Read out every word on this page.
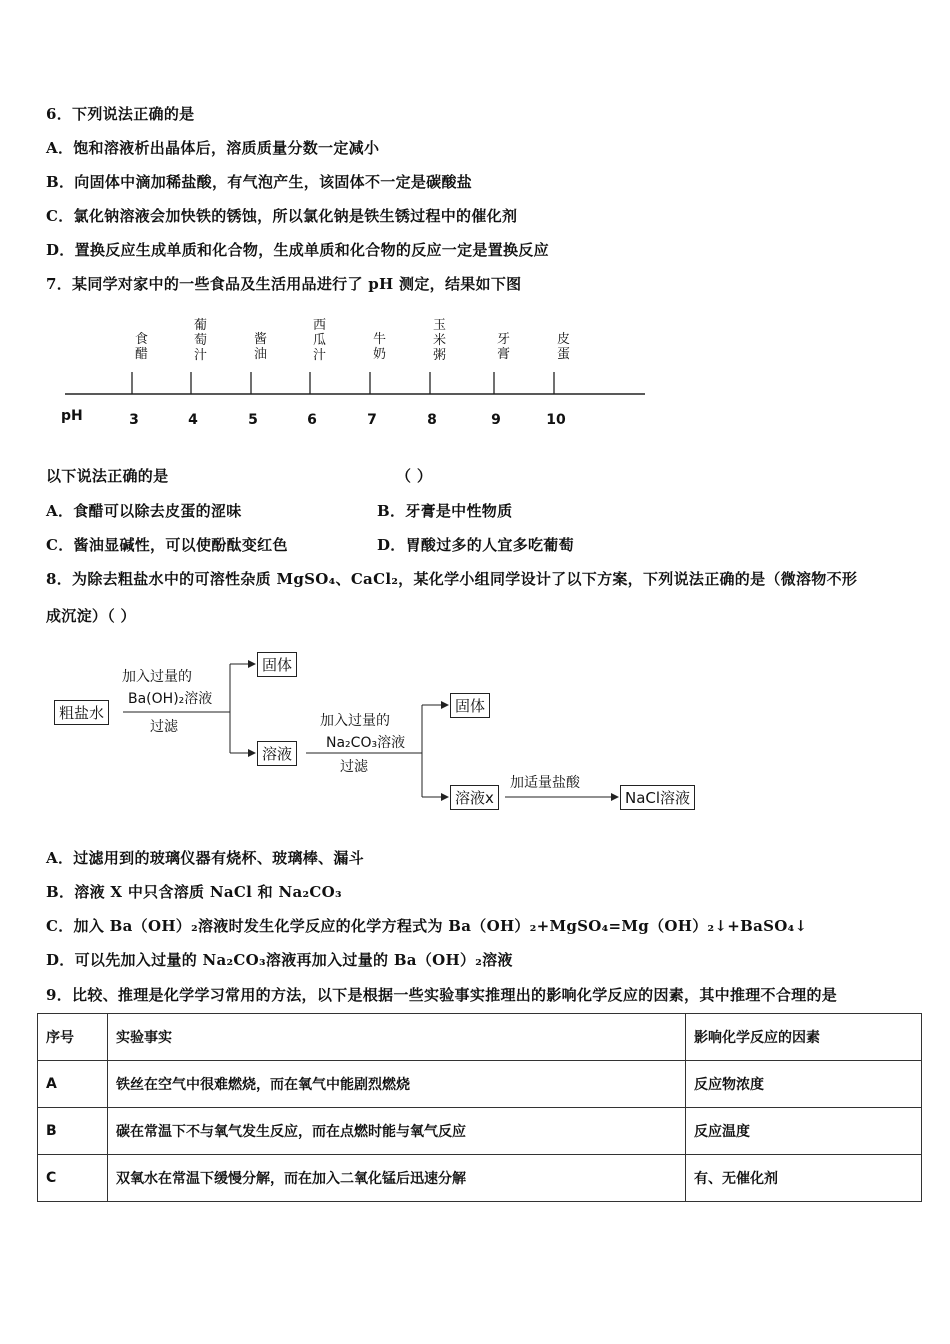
6．下列说法正确的是
A．饱和溶液析出晶体后，溶质质量分数一定减小
B．向固体中滴加稀盐酸，有气泡产生，该固体不一定是碳酸盐
C．氯化钠溶液会加快铁的锈蚀，所以氯化钠是铁生锈过程中的催化剂
D．置换反应生成单质和化合物，生成单质和化合物的反应一定是置换反应
7．某同学对家中的一些食品及生活用品进行了 pH 测定，结果如下图
食
醋
葡
萄
汁
酱
油
西
瓜
汁
牛
奶
玉
米
粥
牙
膏
皮
蛋
3	4	5	6	7	8	9	10
pH
以下说法正确的是	（ ）
A．食醋可以除去皮蛋的涩味	B．牙膏是中性物质
C．酱油显碱性，可以使酚酞变红色	D．胃酸过多的人宜多吃葡萄
8．为除去粗盐水中的可溶性杂质 MgSO₄、CaCl₂，某化学小组同学设计了以下方案，下列说法正确的是（微溶物不形
成沉淀）（ ）
粗盐水
加入过量的
Ba(OH)₂溶液
过滤
固体
溶液
加入过量的
Na₂CO₃溶液
过滤
固体
溶液x
加适量盐酸
NaCl溶液
A．过滤用到的玻璃仪器有烧杯、玻璃棒、漏斗
B．溶液 X 中只含溶质 NaCl 和 Na₂CO₃
C．加入 Ba（OH）₂溶液时发生化学反应的化学方程式为 Ba（OH）₂+MgSO₄=Mg（OH）₂↓+BaSO₄↓
D．可以先加入过量的 Na₂CO₃溶液再加入过量的 Ba（OH）₂溶液
9．比较、推理是化学学习常用的方法，以下是根据一些实验事实推理出的影响化学反应的因素，其中推理不合理的是
序号	实验事实	影响化学反应的因素
A	铁丝在空气中很难燃烧，而在氧气中能剧烈燃烧	反应物浓度
B	碳在常温下不与氧气发生反应，而在点燃时能与氧气反应	反应温度
C	双氧水在常温下缓慢分解，而在加入二氧化锰后迅速分解	有、无催化剂
